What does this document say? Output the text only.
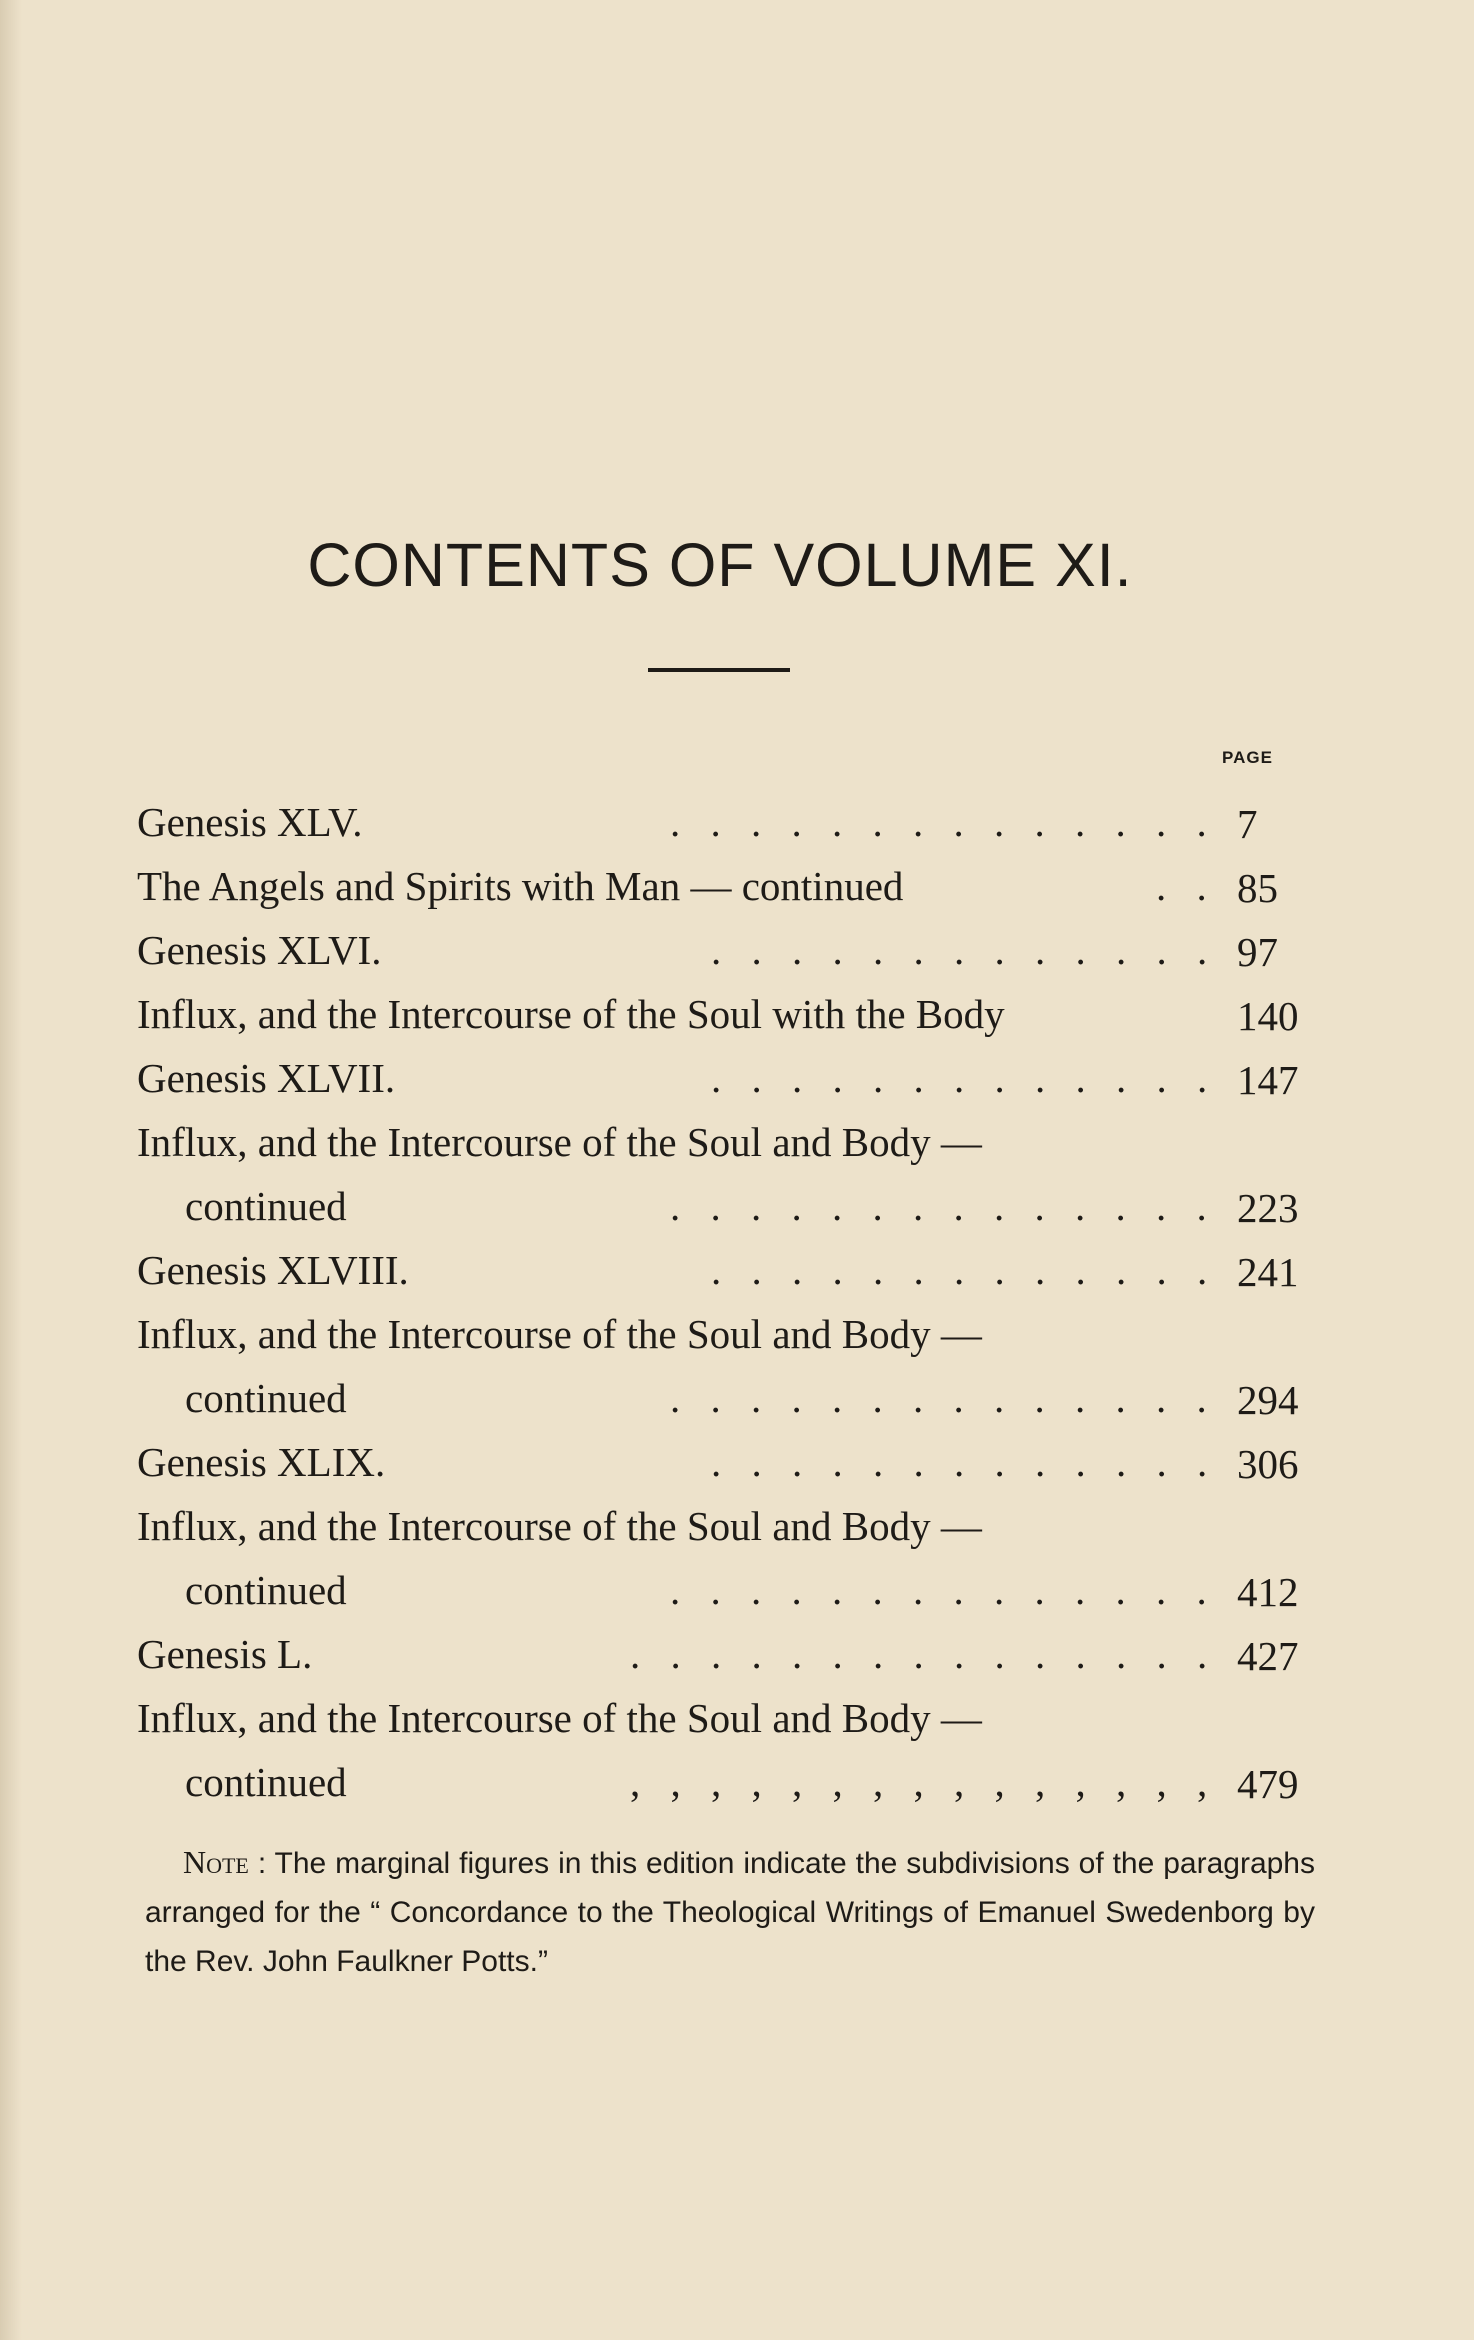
CONTENTS OF VOLUME XI.
PAGE
Genesis XLV.	. . . . . . . . . . . . . . 7
The Angels and Spirits with Man — continued	. . 85
Genesis XLVI.	. . . . . . . . . . . . . 97
Influx, and the Intercourse of the Soul with the Body	140
Genesis XLVII.	. . . . . . . . . . . . . 147
Influx, and the Intercourse of the Soul and Body —
continued	. . . . . . . . . . . . . . 223
Genesis XLVIII.	. . . . . . . . . . . . . 241
Influx, and the Intercourse of the Soul and Body —
continued	. . . . . . . . . . . . . . 294
Genesis XLIX.	. . . . . . . . . . . . . 306
Influx, and the Intercourse of the Soul and Body —
continued	. . . . . . . . . . . . . . 412
Genesis L.	. . . . . . . . . . . . . . . 427
Influx, and the Intercourse of the Soul and Body —
continued	, , , , , , , , , , , , , , , 479
Note : The marginal figures in this edition indicate the subdivisions of the paragraphs arranged for the “ Concordance to the Theological Writings of Emanuel Swedenborg by the Rev. John Faulkner Potts.”
